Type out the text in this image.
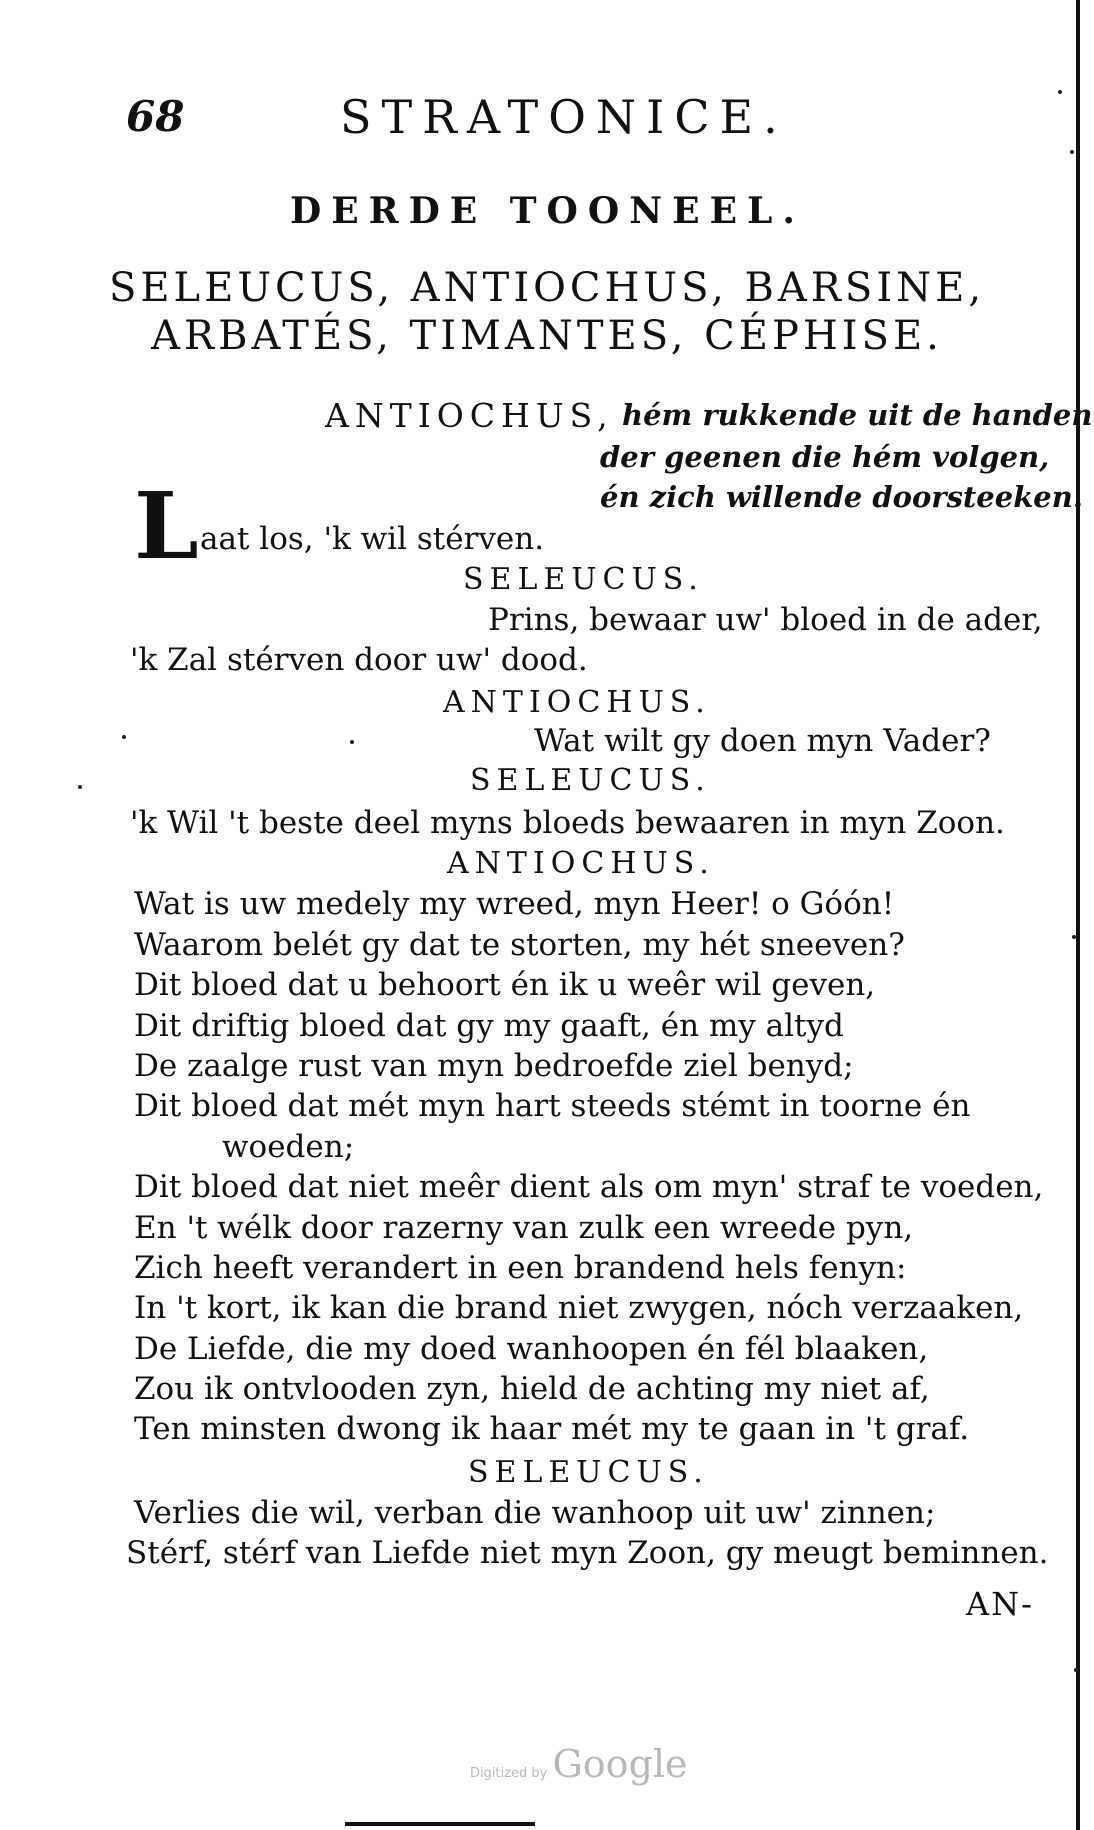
68	STRATONICE.
DERDE TOONEEL.
SELEUCUS, ANTIOCHUS, BARSINE,
ARBATÉS, TIMANTES, CÉPHISE.
ANTIOCHUS, hém rukkende uit de handen
der geenen die hém volgen,
én zich willende doorsteeken.
L aat los, 'k wil stérven.
SELEUCUS.
Prins, bewaar uw' bloed in de ader,
'k Zal stérven door uw' dood.
ANTIOCHUS.
Wat wilt gy doen myn Vader?
SELEUCUS.
'k Wil 't beste deel myns bloeds bewaaren in myn Zoon.
ANTIOCHUS.
Wat is uw medely my wreed, myn Heer! o Góón!
Waarom belét gy dat te storten, my hét sneeven?
Dit bloed dat u behoort én ik u weêr wil geven,
Dit driftig bloed dat gy my gaaft, én my altyd
De zaalge rust van myn bedroefde ziel benyd;
Dit bloed dat mét myn hart steeds stémt in toorne én
woeden;
Dit bloed dat niet meêr dient als om myn' straf te voeden,
En 't wélk door razerny van zulk een wreede pyn,
Zich heeft verandert in een brandend hels fenyn:
In 't kort, ik kan die brand niet zwygen, nóch verzaaken,
De Liefde, die my doed wanhoopen én fél blaaken,
Zou ik ontvlooden zyn, hield de achting my niet af,
Ten minsten dwong ik haar mét my te gaan in 't graf.
SELEUCUS.
Verlies die wil, verban die wanhoop uit uw' zinnen;
Stérf, stérf van Liefde niet myn Zoon, gy meugt beminnen.
AN-
Digitized by Google
